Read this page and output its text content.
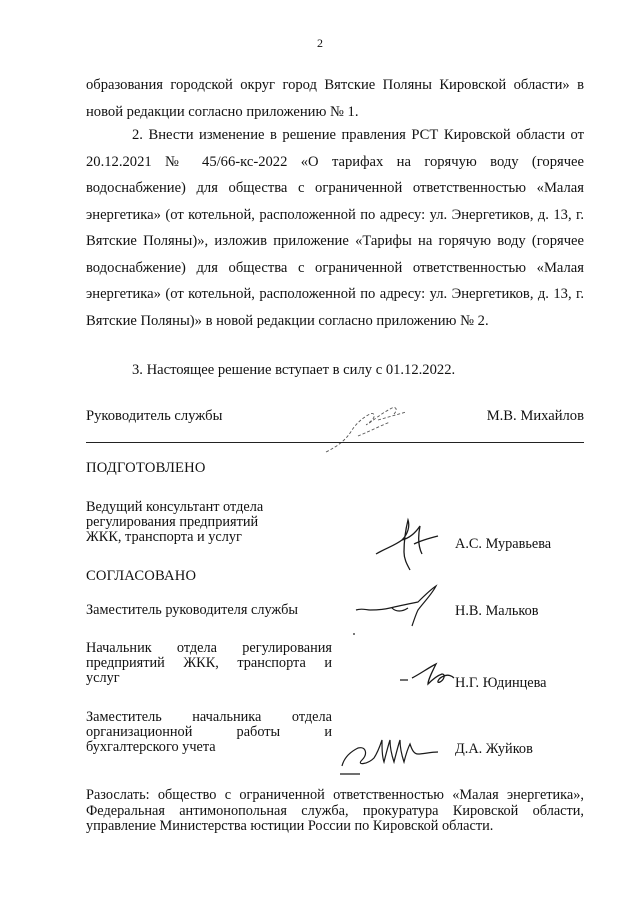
2
образования городской округ город Вятские Поляны Кировской области» в новой редакции согласно приложению № 1.
2. Внести изменение в решение правления РСТ Кировской области от 20.12.2021 № 45/66-кс-2022 «О тарифах на горячую воду (горячее водоснабжение) для общества с ограниченной ответственностью «Малая энергетика» (от котельной, расположенной по адресу: ул. Энергетиков, д. 13, г. Вятские Поляны)», изложив приложение «Тарифы на горячую воду (горячее водоснабжение) для общества с ограниченной ответственностью «Малая энергетика» (от котельной, расположенной по адресу: ул. Энергетиков, д. 13, г. Вятские Поляны)» в новой редакции согласно приложению № 2.
3. Настоящее решение вступает в силу с 01.12.2022.
Руководитель службы	М.В. Михайлов
ПОДГОТОВЛЕНО
Ведущий консультант отдела
регулирования предприятий
ЖКК, транспорта и услуг	А.С. Муравьева
СОГЛАСОВАНО
Заместитель руководителя службы	Н.В. Мальков
Начальник отдела регулирования
предприятий ЖКК, транспорта и
услуг	Н.Г. Юдинцева
Заместитель начальника отдела
организационной работы и
бухгалтерского учета	Д.А. Жуйков
Разослать: общество с ограниченной ответственностью «Малая энергетика», Федеральная антимонопольная служба, прокуратура Кировской области, управление Министерства юстиции России по Кировской области.
